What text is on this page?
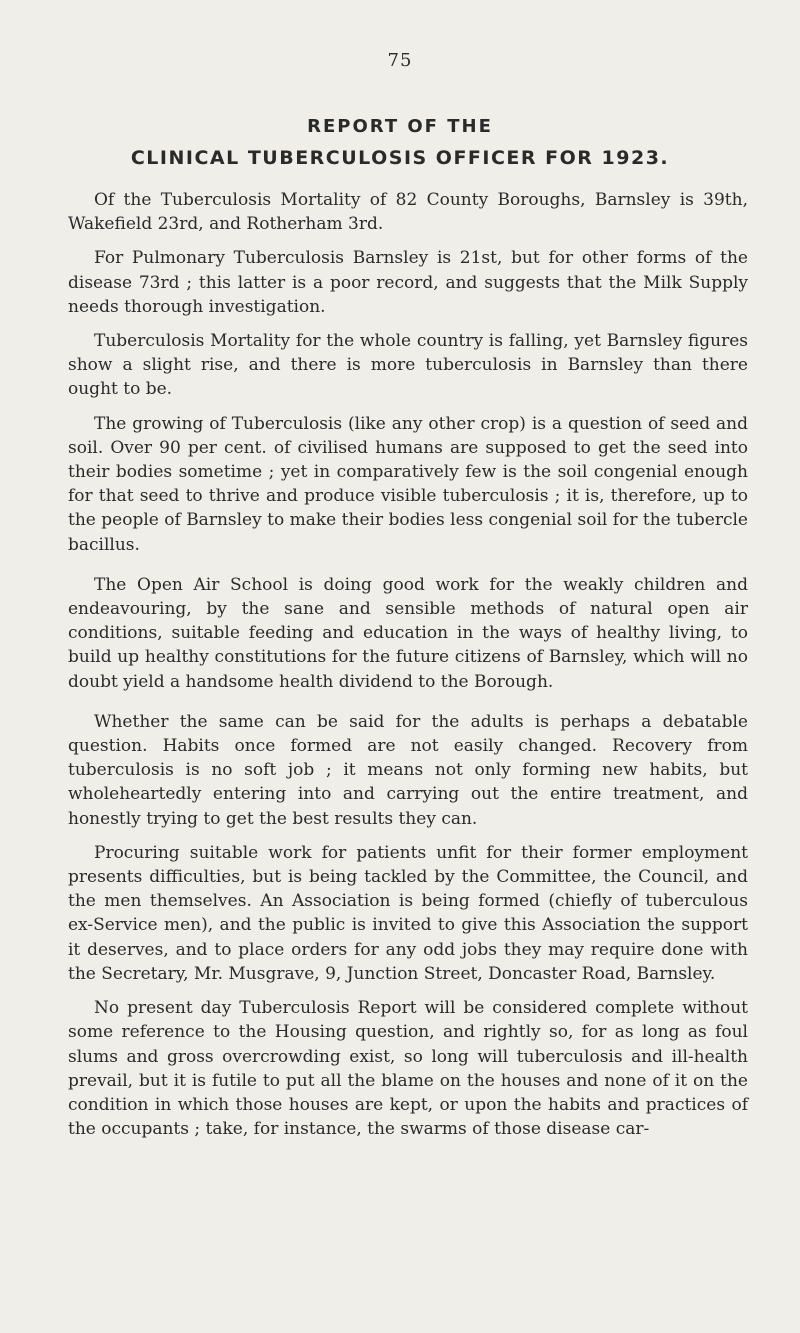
75
REPORT OF THE
CLINICAL TUBERCULOSIS OFFICER FOR 1923.

Of the Tuberculosis Mortality of 82 County Boroughs, Barnsley is 39th, Wakefield 23rd, and Rotherham 3rd.

For Pulmonary Tuberculosis Barnsley is 21st, but for other forms of the disease 73rd ; this latter is a poor record, and suggests that the Milk Supply needs thorough investigation.

Tuberculosis Mortality for the whole country is falling, yet Barnsley figures show a slight rise, and there is more tuberculosis in Barnsley than there ought to be.

The growing of Tuberculosis (like any other crop) is a question of seed and soil. Over 90 per cent. of civilised humans are supposed to get the seed into their bodies sometime ; yet in comparatively few is the soil congenial enough for that seed to thrive and produce visible tuberculosis ; it is, therefore, up to the people of Barnsley to make their bodies less congenial soil for the tubercle bacillus.

The Open Air School is doing good work for the weakly children and endeavouring, by the sane and sensible methods of natural open air conditions, suitable feeding and education in the ways of healthy living, to build up healthy constitutions for the future citizens of Barnsley, which will no doubt yield a handsome health dividend to the Borough.

Whether the same can be said for the adults is perhaps a debatable question. Habits once formed are not easily changed. Recovery from tuberculosis is no soft job ; it means not only forming new habits, but wholeheartedly entering into and carrying out the entire treatment, and honestly trying to get the best results they can.

Procuring suitable work for patients unfit for their former employment presents difficulties, but is being tackled by the Committee, the Council, and the men themselves. An Association is being formed (chiefly of tuberculous ex-Service men), and the public is invited to give this Association the support it deserves, and to place orders for any odd jobs they may require done with the Secretary, Mr. Musgrave, 9, Junction Street, Doncaster Road, Barnsley.

No present day Tuberculosis Report will be considered complete without some reference to the Housing question, and rightly so, for as long as foul slums and gross overcrowding exist, so long will tuberculosis and ill-health prevail, but it is futile to put all the blame on the houses and none of it on the condition in which those houses are kept, or upon the habits and practices of the occupants ; take, for instance, the swarms of those disease car-
